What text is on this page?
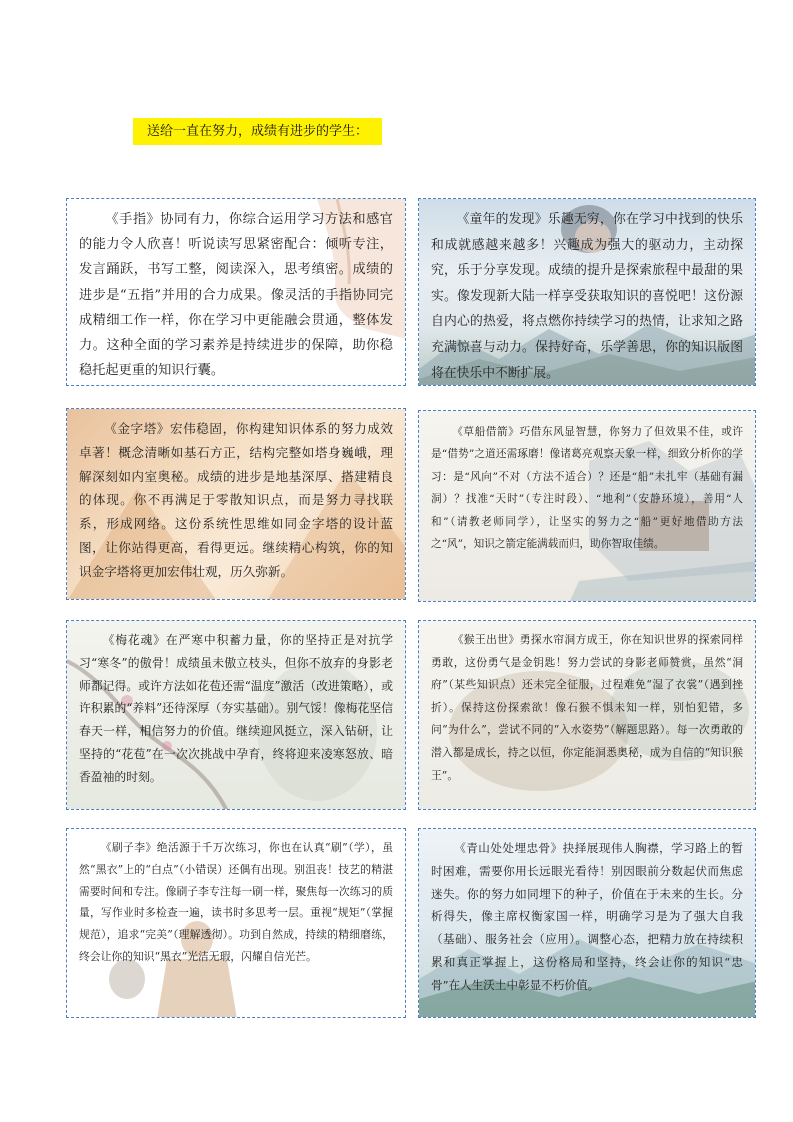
送给一直在努力，成绩有进步的学生：

《手指》协同有力，你综合运用学习方法和感官的能力令人欣喜！听说读写思紧密配合：倾听专注，发言踊跃，书写工整，阅读深入，思考缜密。成绩的进步是“五指”并用的合力成果。像灵活的手指协同完成精细工作一样，你在学习中更能融会贯通，整体发力。这种全面的学习素养是持续进步的保障，助你稳稳托起更重的知识行囊。

《童年的发现》乐趣无穷，你在学习中找到的快乐和成就感越来越多！兴趣成为强大的驱动力，主动探究，乐于分享发现。成绩的提升是探索旅程中最甜的果实。像发现新大陆一样享受获取知识的喜悦吧！这份源自内心的热爱，将点燃你持续学习的热情，让求知之路充满惊喜与动力。保持好奇，乐学善思，你的知识版图将在快乐中不断扩展。

《金字塔》宏伟稳固，你构建知识体系的努力成效卓著！概念清晰如基石方正，结构完整如塔身巍峨，理解深刻如内室奥秘。成绩的进步是地基深厚、搭建精良的体现。你不再满足于零散知识点，而是努力寻找联系，形成网络。这份系统性思维如同金字塔的设计蓝图，让你站得更高，看得更远。继续精心构筑，你的知识金字塔将更加宏伟壮观，历久弥新。

《草船借箭》巧借东风显智慧，你努力了但效果不佳，或许是“借势”之道还需琢磨！像诸葛亮观察天象一样，细致分析你的学习：是“风向”不对（方法不适合）？还是“船”未扎牢（基础有漏洞）？找准“天时”（专注时段）、“地利”（安静环境），善用“人和”（请教老师同学），让坚实的努力之“船”更好地借助方法之“风”，知识之箭定能满载而归，助你智取佳绩。

《梅花魂》在严寒中积蓄力量，你的坚持正是对抗学习“寒冬”的傲骨！成绩虽未傲立枝头，但你不放弃的身影老师都记得。或许方法如花苞还需“温度”激活（改进策略），或许积累的“养料”还待深厚（夯实基础）。别气馁！像梅花坚信春天一样，相信努力的价值。继续迎风挺立，深入钻研，让坚持的“花苞”在一次次挑战中孕育，终将迎来凌寒怒放、暗香盈袖的时刻。

《猴王出世》勇探水帘洞方成王，你在知识世界的探索同样勇敢，这份勇气是金钥匙！努力尝试的身影老师赞赏，虽然“洞府”（某些知识点）还未完全征服，过程难免“湿了衣裳”（遇到挫折）。保持这份探索欲！像石猴不惧未知一样，别怕犯错，多问“为什么”，尝试不同的“入水姿势”（解题思路）。每一次勇敢的潜入都是成长，持之以恒，你定能洞悉奥秘，成为自信的“知识猴王”。

《刷子李》绝活源于千万次练习，你也在认真“刷”（学），虽然“黑衣”上的“白点”（小错误）还偶有出现。别沮丧！技艺的精湛需要时间和专注。像刷子李专注每一刷一样，聚焦每一次练习的质量，写作业时多检查一遍，读书时多思考一层。重视“规矩”（掌握规范），追求“完美”（理解透彻）。功到自然成，持续的精细磨练，终会让你的知识“黑衣”光洁无瑕，闪耀自信光芒。

《青山处处埋忠骨》抉择展现伟人胸襟，学习路上的暂时困难，需要你用长远眼光看待！别因眼前分数起伏而焦虑迷失。你的努力如同埋下的种子，价值在于未来的生长。分析得失，像主席权衡家国一样，明确学习是为了强大自我（基础）、服务社会（应用）。调整心态，把精力放在持续积累和真正掌握上，这份格局和坚持，终会让你的知识“忠骨”在人生沃土中彰显不朽价值。
